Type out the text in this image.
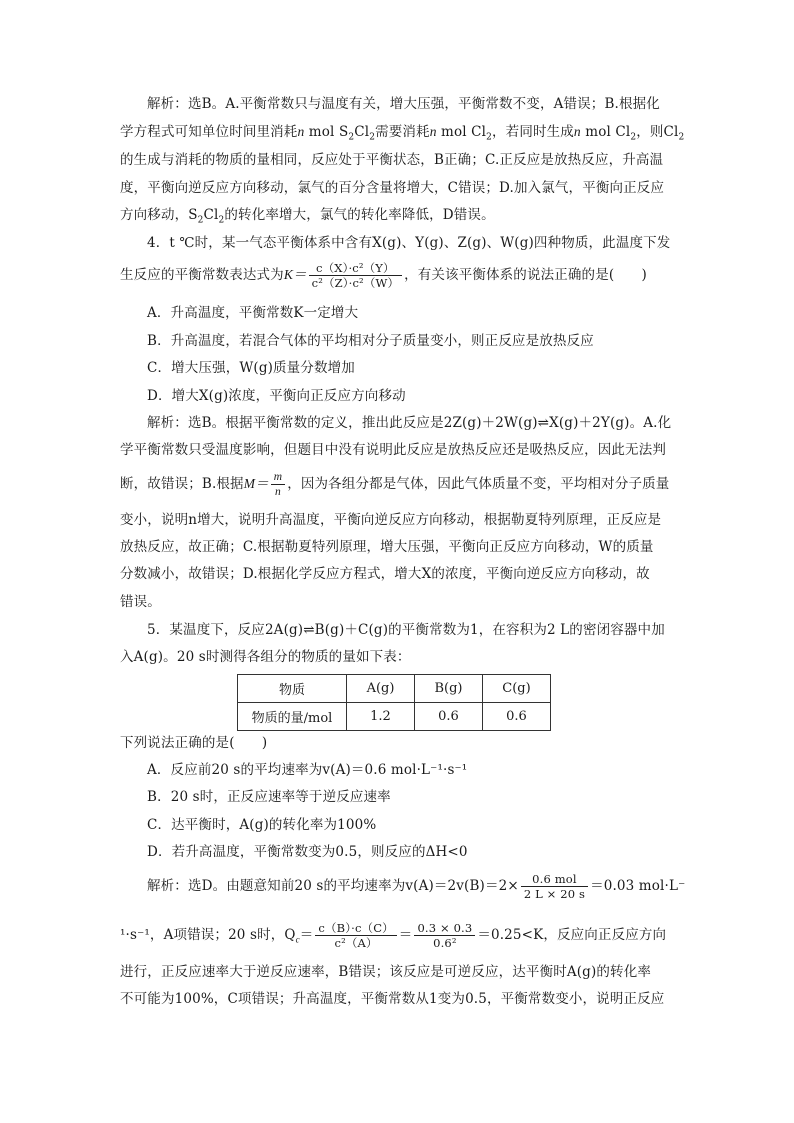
解析：选B。A.平衡常数只与温度有关，增大压强，平衡常数不变，A错误；B.根据化
学方程式可知单位时间里消耗n mol $S_2Cl_2$需要消耗n mol $Cl_2$，若同时生成n mol $Cl_2$，则$Cl_2$
的生成与消耗的物质的量相同，反应处于平衡状态，B正确；C.正反应是放热反应，升高温
度，平衡向逆反应方向移动，氯气的百分含量将增大，C错误；D.加入氯气，平衡向正反应
方向移动，$S_2Cl_2$的转化率增大，氯气的转化率降低，D错误。
4．t ℃时，某一气态平衡体系中含有X(g)、Y(g)、Z(g)、W(g)四种物质，此温度下发
生反应的平衡常数表达式为$K= \frac{\text{c（X）·c²（Y）}}{\text{c²（Z）·c²（W）}}$ ，有关该平衡体系的说法正确的是(　　)
A．升高温度，平衡常数K一定增大
B．升高温度，若混合气体的平均相对分子质量变小，则正反应是放热反应
C．增大压强，W(g)质量分数增加
D．增大X(g)浓度，平衡向正反应方向移动
解析：选B。根据平衡常数的定义，推出此反应是2Z(g)＋2W(g)⇌X(g)＋2Y(g)。A.化
学平衡常数只受温度影响，但题目中没有说明此反应是放热反应还是吸热反应，因此无法判
断，故错误；B.根据$M= \frac{m}{n}$ ，因为各组分都是气体，因此气体质量不变，平均相对分子质量
变小，说明n增大，说明升高温度，平衡向逆反应方向移动，根据勒夏特列原理，正反应是
放热反应，故正确；C.根据勒夏特列原理，增大压强，平衡向正反应方向移动，W的质量
分数减小，故错误；D.根据化学反应方程式，增大X的浓度，平衡向逆反应方向移动，故
错误。
5．某温度下，反应2A(g)⇌B(g)＋C(g)的平衡常数为1，在容积为2 L的密闭容器中加
入A(g)。20 s时测得各组分的物质的量如下表：
物质	A(g)	B(g)	C(g)
物质的量/mol	1.2	0.6	0.6
下列说法正确的是(　　)
A．反应前20 s的平均速率为v(A)＝0.6 mol·L⁻¹·s⁻¹
B．20 s时，正反应速率等于逆反应速率
C．达平衡时，A(g)的转化率为100%
D．若升高温度，平衡常数变为0.5，则反应的ΔH<0
解析：选D。由题意知前20 s的平均速率为$v(A)=2v(B)=2\times \frac{\text{0.6 mol}}{2 L \times 20 s} =0.03$ mol·L⁻
¹·s⁻¹，A项错误；20 s时，$Q_c= \frac{c(B)\cdot c(C)}{\text{c²（A）}} = \frac{0.3 \times 0.3}{\text{0.6²}} =0.25<K$，反应向正反应方向
进行，正反应速率大于逆反应速率，B错误；该反应是可逆反应，达平衡时A(g)的转化率
不可能为100%，C项错误；升高温度，平衡常数从1变为0.5，平衡常数变小，说明正反应
